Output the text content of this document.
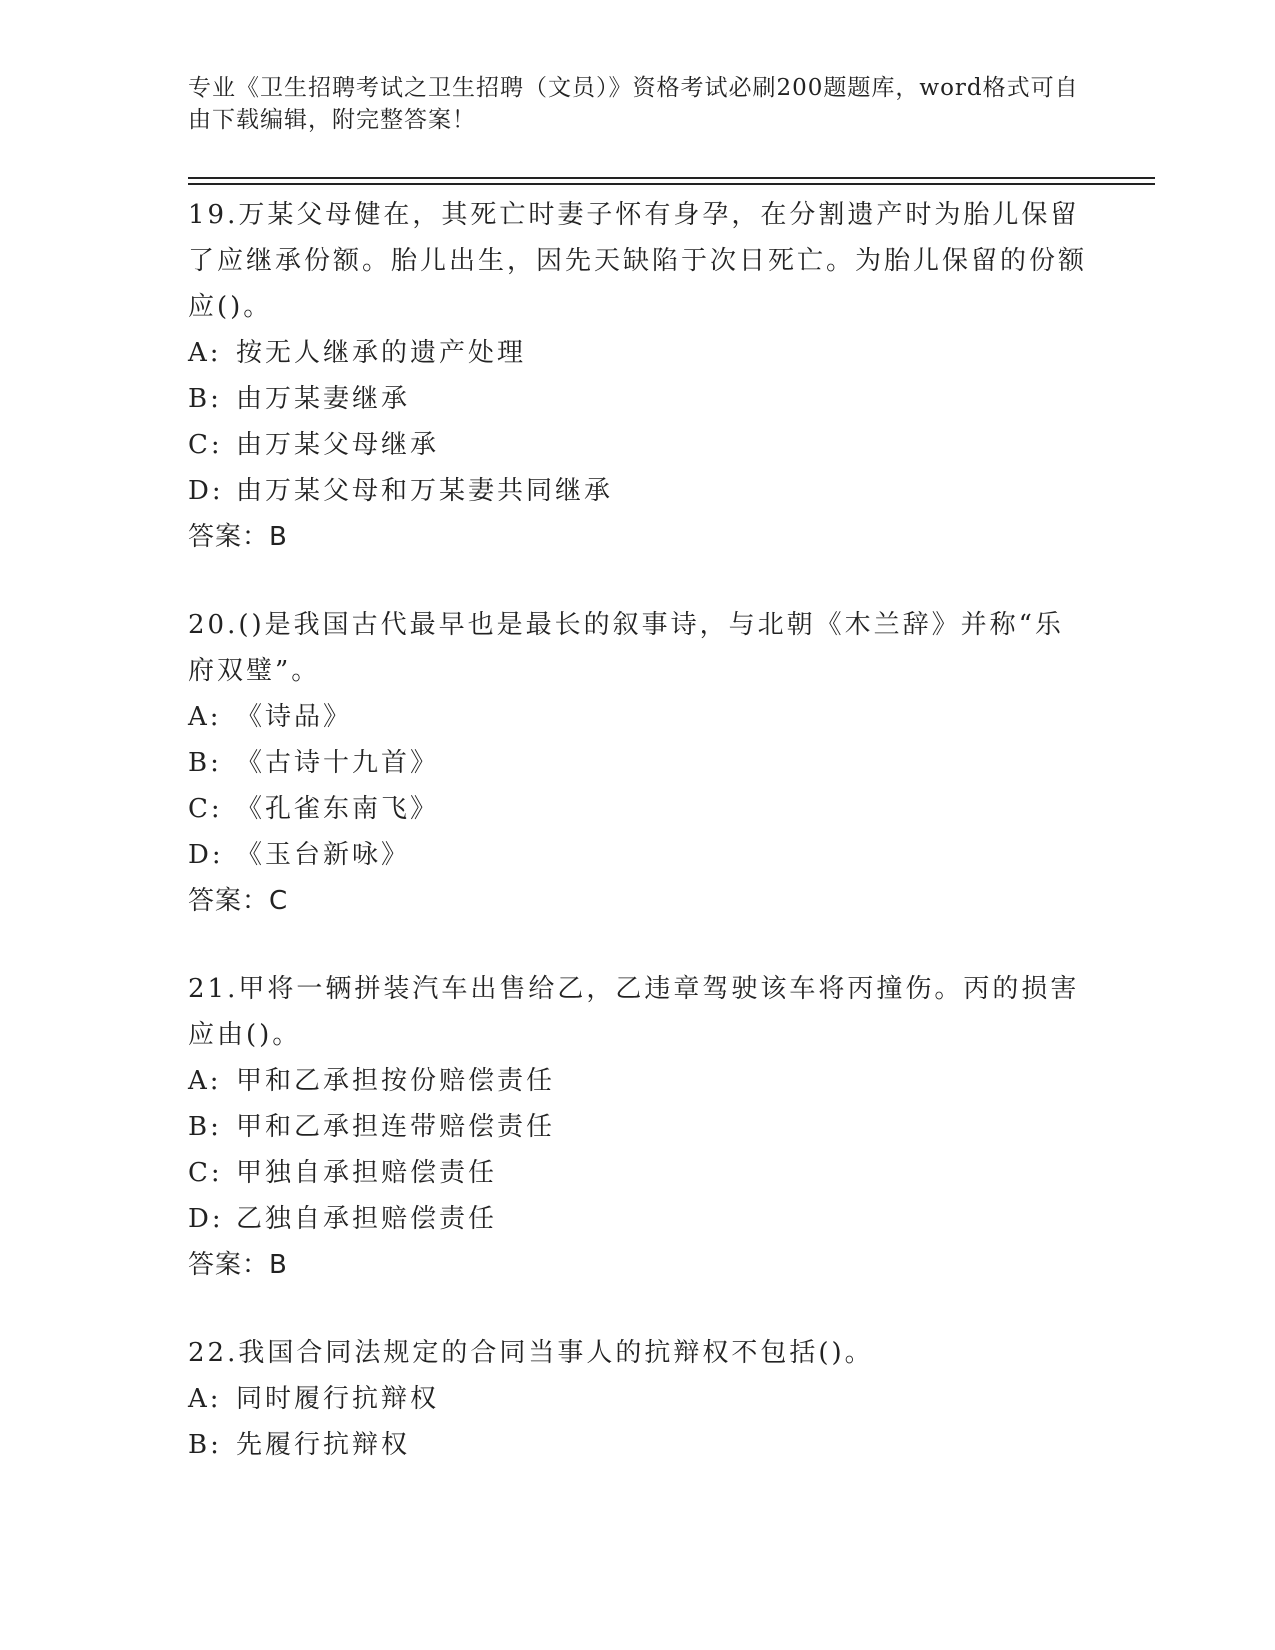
专业《卫生招聘考试之卫生招聘（文员）》资格考试必刷200题题库，word格式可自由下载编辑，附完整答案！

19.万某父母健在，其死亡时妻子怀有身孕，在分割遗产时为胎儿保留了应继承份额。胎儿出生，因先天缺陷于次日死亡。为胎儿保留的份额应()。

A: 按无人继承的遗产处理

B: 由万某妻继承

C: 由万某父母继承

D: 由万某父母和万某妻共同继承

答案：B

20.()是我国古代最早也是最长的叙事诗，与北朝《木兰辞》并称“乐府双璧”。

A: 《诗品》

B: 《古诗十九首》

C: 《孔雀东南飞》

D: 《玉台新咏》

答案：C

21.甲将一辆拼装汽车出售给乙，乙违章驾驶该车将丙撞伤。丙的损害应由()。

A: 甲和乙承担按份赔偿责任

B: 甲和乙承担连带赔偿责任

C: 甲独自承担赔偿责任

D: 乙独自承担赔偿责任

答案：B

22.我国合同法规定的合同当事人的抗辩权不包括()。

A: 同时履行抗辩权

B: 先履行抗辩权
